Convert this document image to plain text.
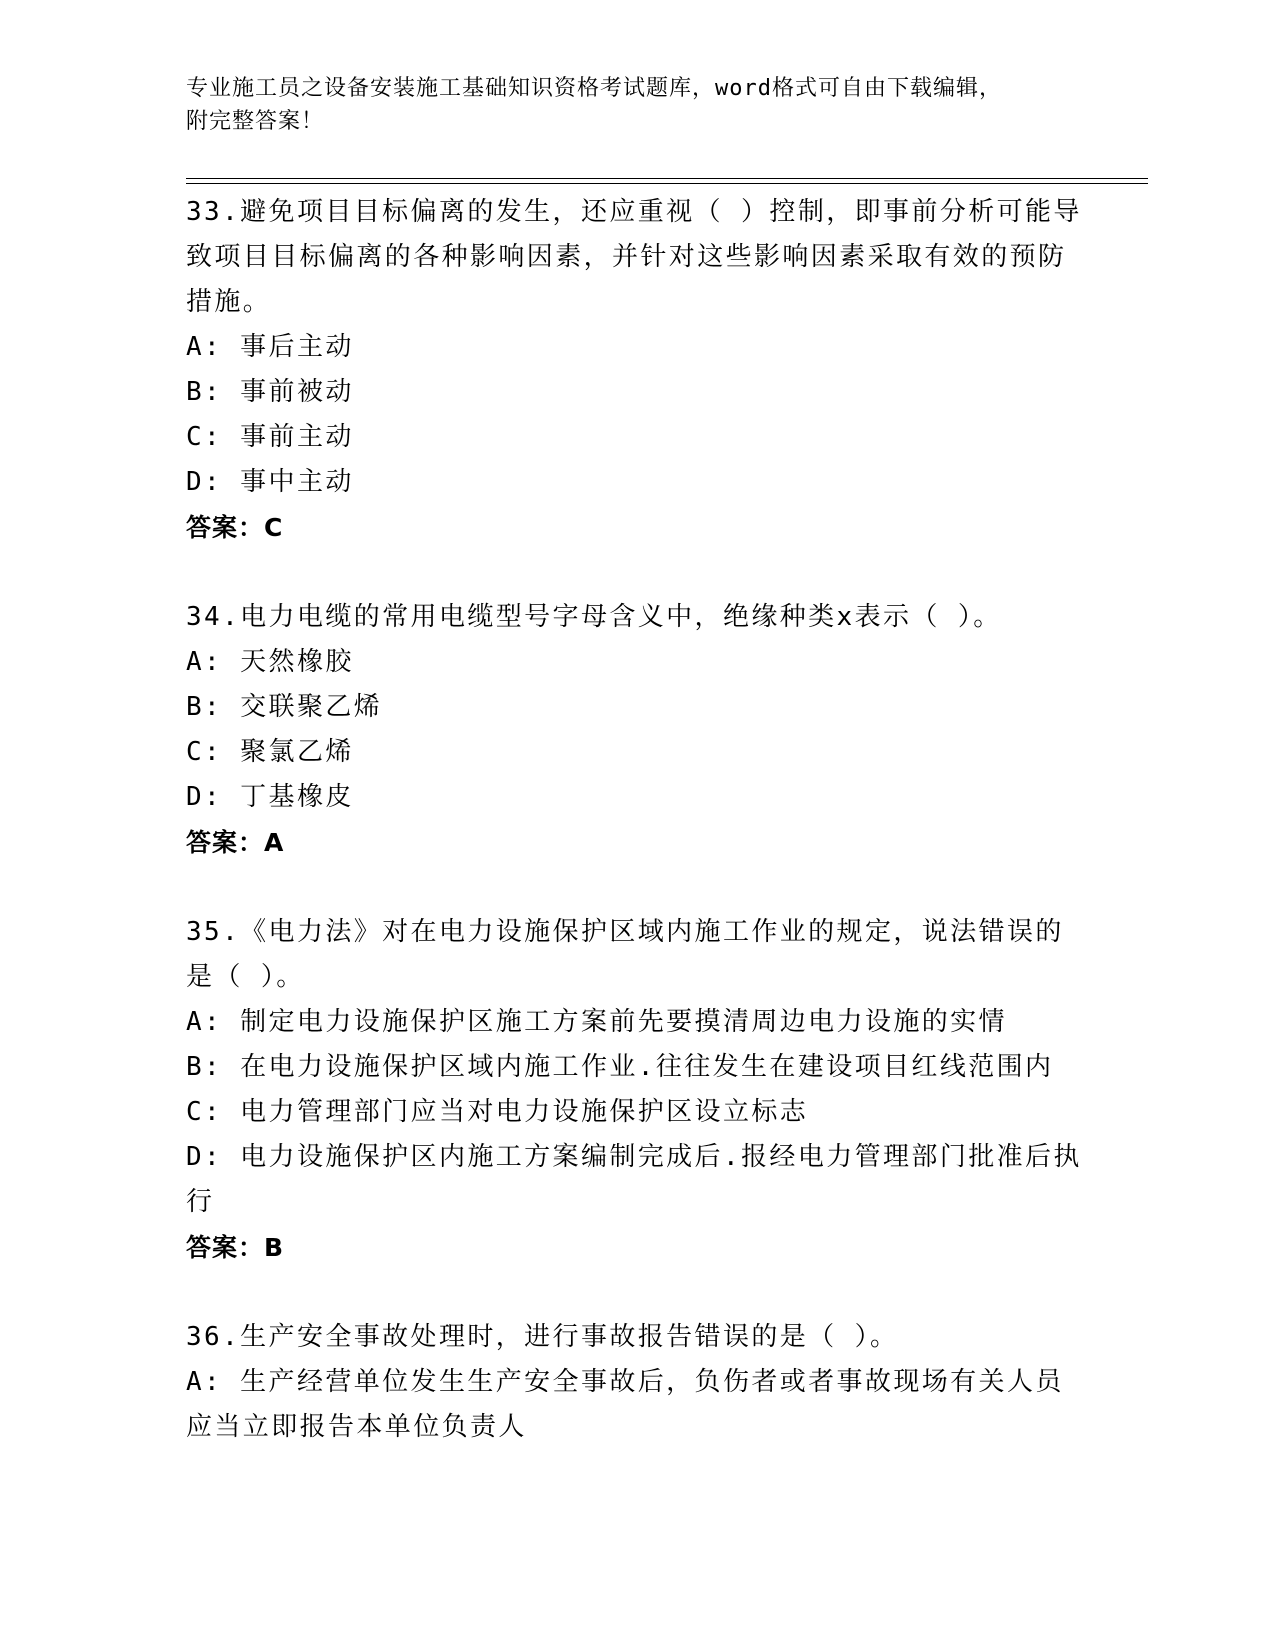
专业施工员之设备安装施工基础知识资格考试题库，word格式可自由下载编辑，
附完整答案！

33.避免项目目标偏离的发生，还应重视（ ）控制，即事前分析可能导致项目目标偏离的各种影响因素，并针对这些影响因素采取有效的预防措施。

A: 事后主动

B: 事前被动

C: 事前主动

D: 事中主动

答案：C

34.电力电缆的常用电缆型号字母含义中，绝缘种类x表示（ ）。

A: 天然橡胶

B: 交联聚乙烯

C: 聚氯乙烯

D: 丁基橡皮

答案：A

35.《电力法》对在电力设施保护区域内施工作业的规定，说法错误的是（ ）。

A: 制定电力设施保护区施工方案前先要摸清周边电力设施的实情

B: 在电力设施保护区域内施工作业.往往发生在建设项目红线范围内

C: 电力管理部门应当对电力设施保护区设立标志

D: 电力设施保护区内施工方案编制完成后.报经电力管理部门批准后执行

答案：B

36.生产安全事故处理时，进行事故报告错误的是（ ）。

A: 生产经营单位发生生产安全事故后，负伤者或者事故现场有关人员应当立即报告本单位负责人
